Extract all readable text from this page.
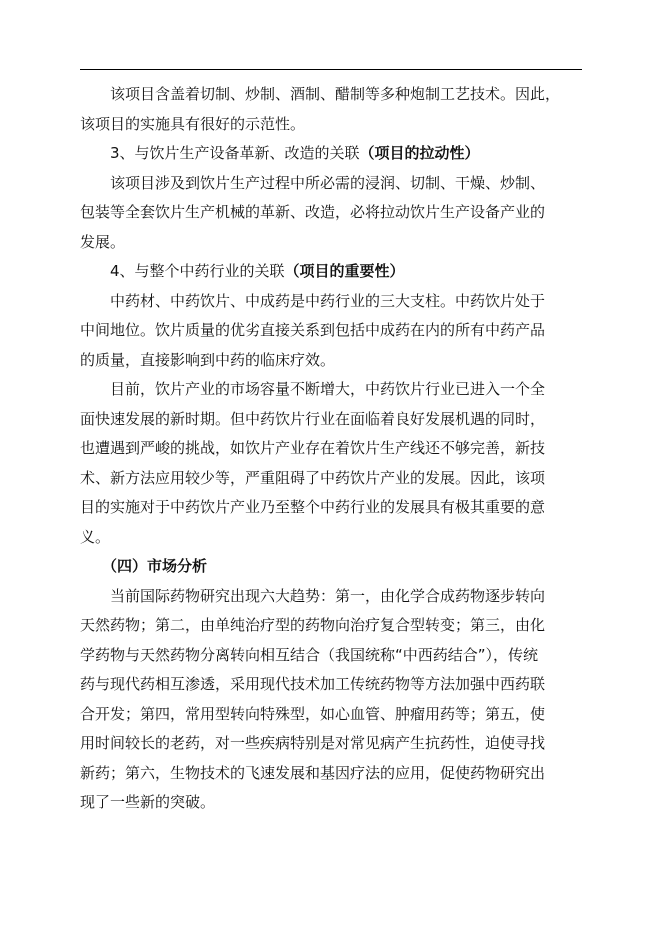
该项目含盖着切制、炒制、酒制、醋制等多种炮制工艺技术。因此，
该项目的实施具有很好的示范性。
3、与饮片生产设备革新、改造的关联（项目的拉动性）
该项目涉及到饮片生产过程中所必需的浸润、切制、干燥、炒制、
包装等全套饮片生产机械的革新、改造，必将拉动饮片生产设备产业的
发展。
4、与整个中药行业的关联（项目的重要性）
中药材、中药饮片、中成药是中药行业的三大支柱。中药饮片处于
中间地位。饮片质量的优劣直接关系到包括中成药在内的所有中药产品
的质量，直接影响到中药的临床疗效。
目前，饮片产业的市场容量不断增大，中药饮片行业已进入一个全
面快速发展的新时期。但中药饮片行业在面临着良好发展机遇的同时，
也遭遇到严峻的挑战，如饮片产业存在着饮片生产线还不够完善，新技
术、新方法应用较少等，严重阻碍了中药饮片产业的发展。因此，该项
目的实施对于中药饮片产业乃至整个中药行业的发展具有极其重要的意
义。
（四）市场分析
当前国际药物研究出现六大趋势：第一，由化学合成药物逐步转向
天然药物；第二，由单纯治疗型的药物向治疗复合型转变；第三，由化
学药物与天然药物分离转向相互结合（我国统称“中西药结合”），传统
药与现代药相互渗透，采用现代技术加工传统药物等方法加强中西药联
合开发；第四，常用型转向特殊型，如心血管、肿瘤用药等；第五，使
用时间较长的老药，对一些疾病特别是对常见病产生抗药性，迫使寻找
新药；第六，生物技术的飞速发展和基因疗法的应用，促使药物研究出
现了一些新的突破。
